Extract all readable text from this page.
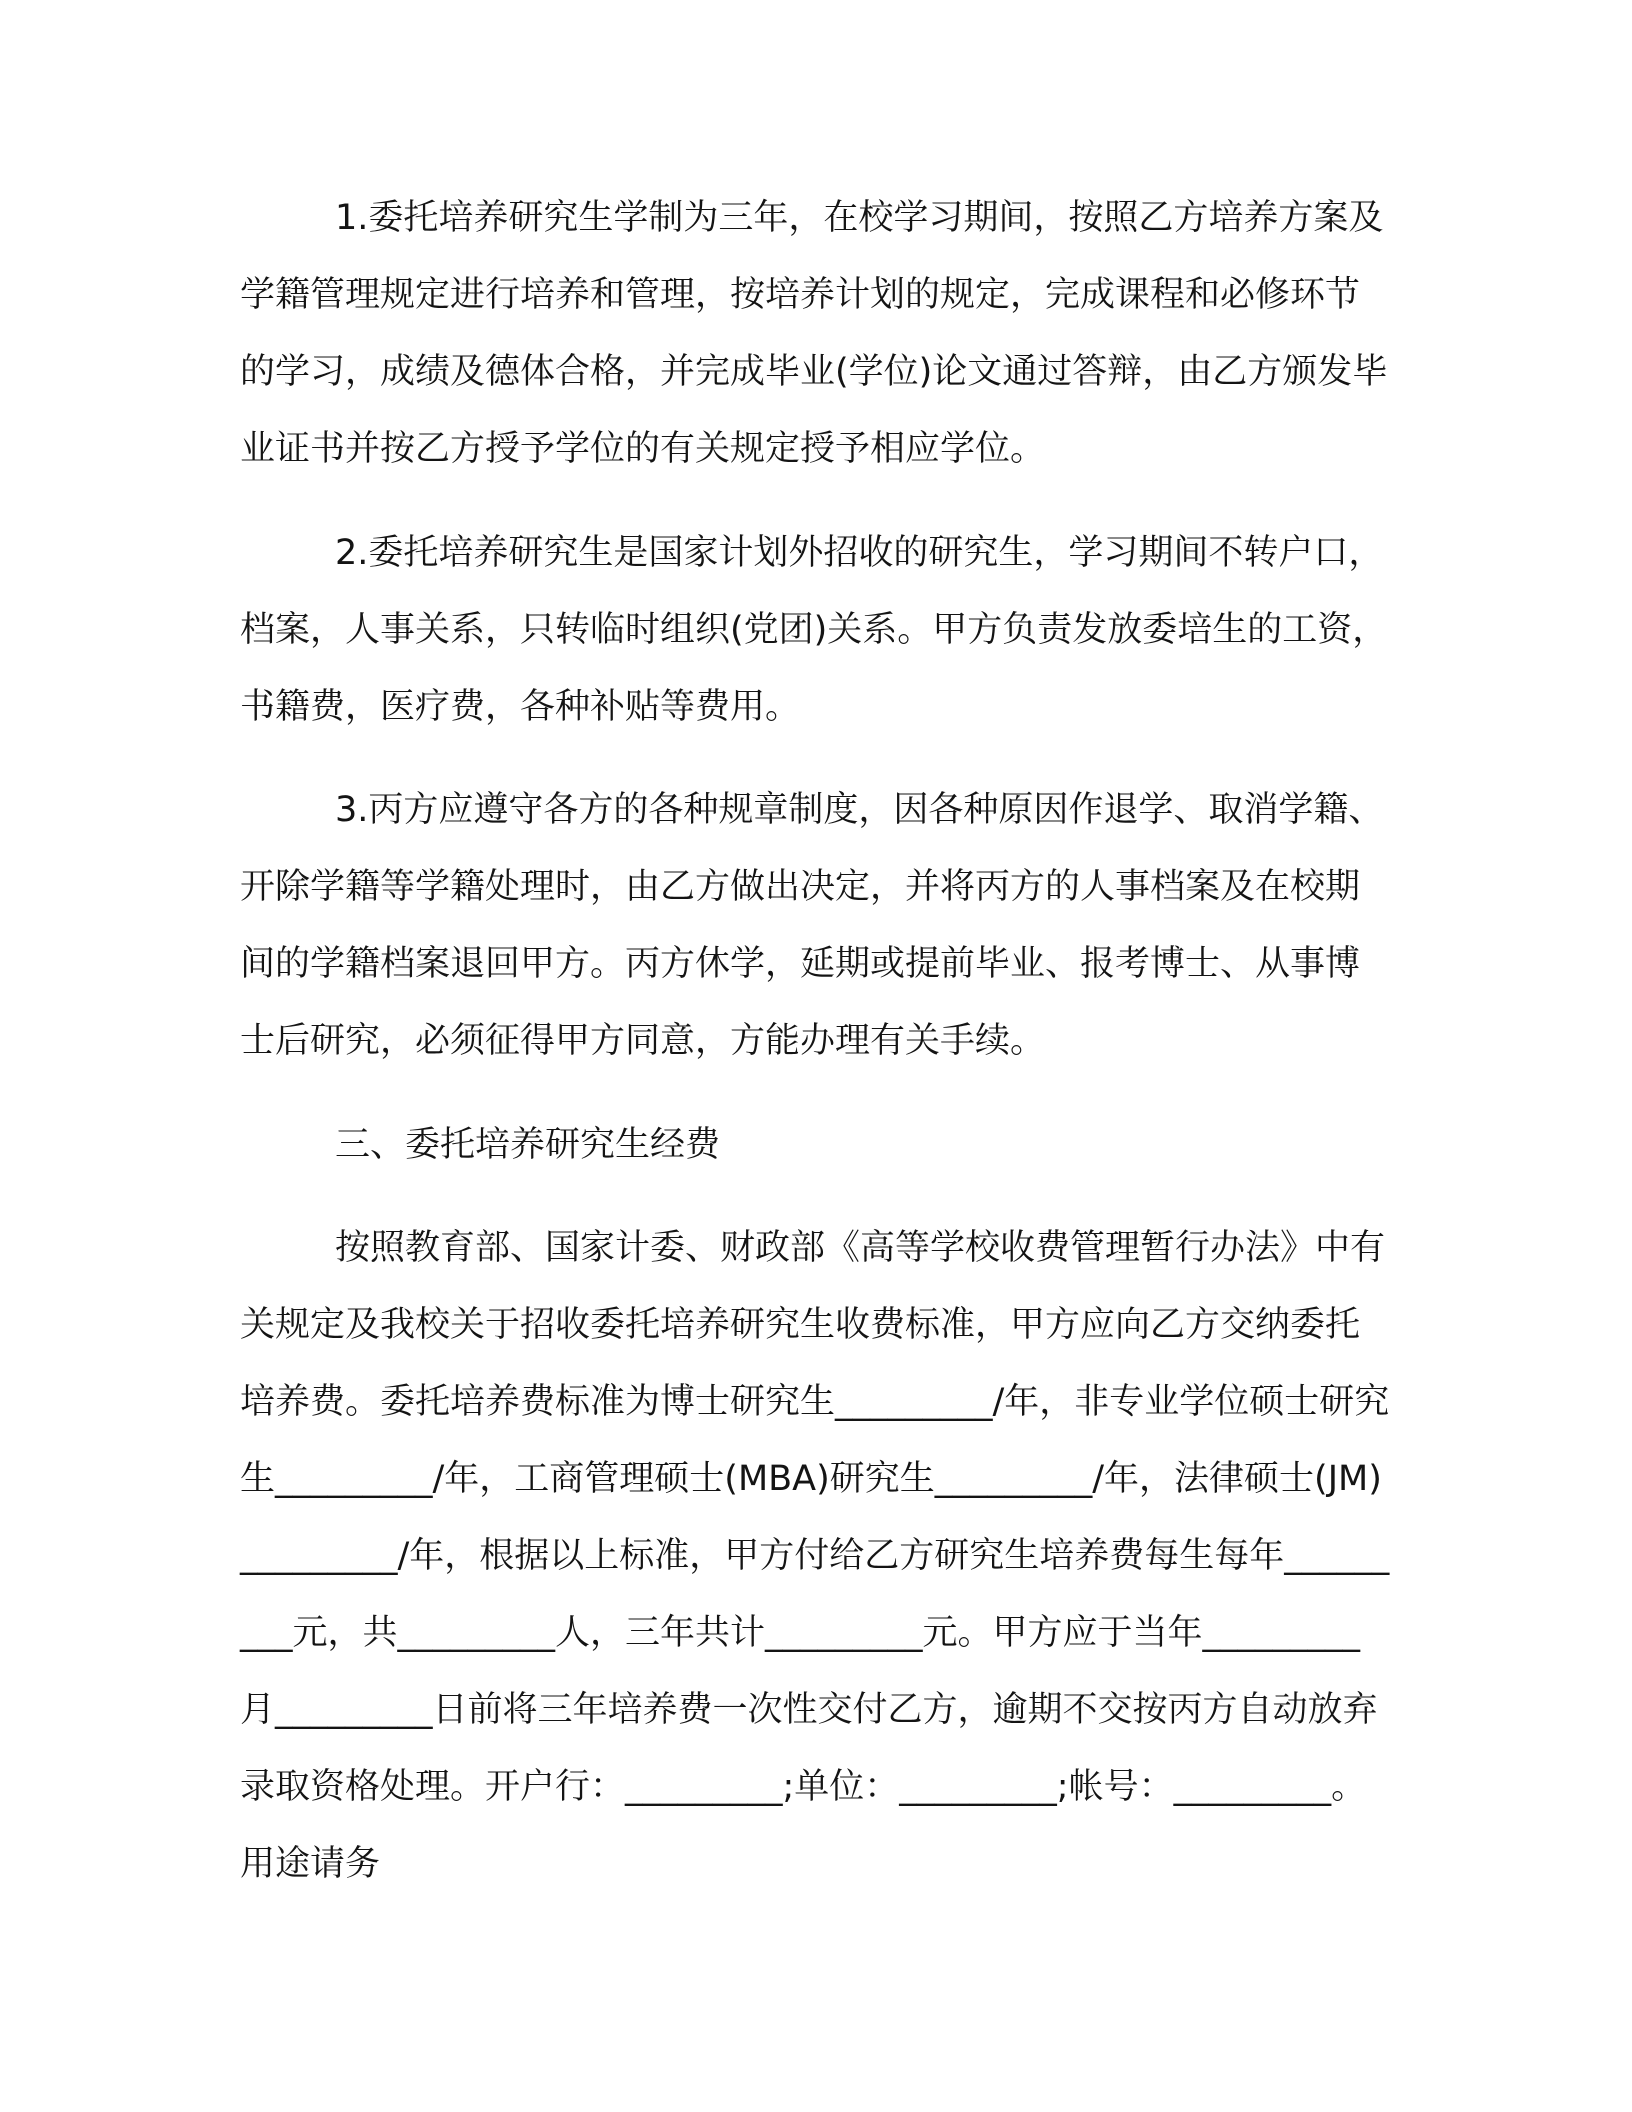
1.委托培养研究生学制为三年，在校学习期间，按照乙方培养方案及学籍管理规定进行培养和管理，按培养计划的规定，完成课程和必修环节的学习，成绩及德体合格，并完成毕业(学位)论文通过答辩，由乙方颁发毕业证书并按乙方授予学位的有关规定授予相应学位。

2.委托培养研究生是国家计划外招收的研究生，学习期间不转户口，档案，人事关系，只转临时组织(党团)关系。甲方负责发放委培生的工资，书籍费，医疗费，各种补贴等费用。

3.丙方应遵守各方的各种规章制度，因各种原因作退学、取消学籍、开除学籍等学籍处理时，由乙方做出决定，并将丙方的人事档案及在校期间的学籍档案退回甲方。丙方休学，延期或提前毕业、报考博士、从事博士后研究，必须征得甲方同意，方能办理有关手续。

三、委托培养研究生经费

按照教育部、国家计委、财政部《高等学校收费管理暂行办法》中有关规定及我校关于招收委托培养研究生收费标准，甲方应向乙方交纳委托培养费。委托培养费标准为博士研究生_________/年，非专业学位硕士研究生_________/年，工商管理硕士(MBA)研究生_________/年，法律硕士(JM)_________/年，根据以上标准，甲方付给乙方研究生培养费每生每年_________元，共_________人，三年共计_________元。甲方应于当年_________月_________日前将三年培养费一次性交付乙方，逾期不交按丙方自动放弃录取资格处理。开户行：_________;单位：_________;帐号：_________。用途请务
